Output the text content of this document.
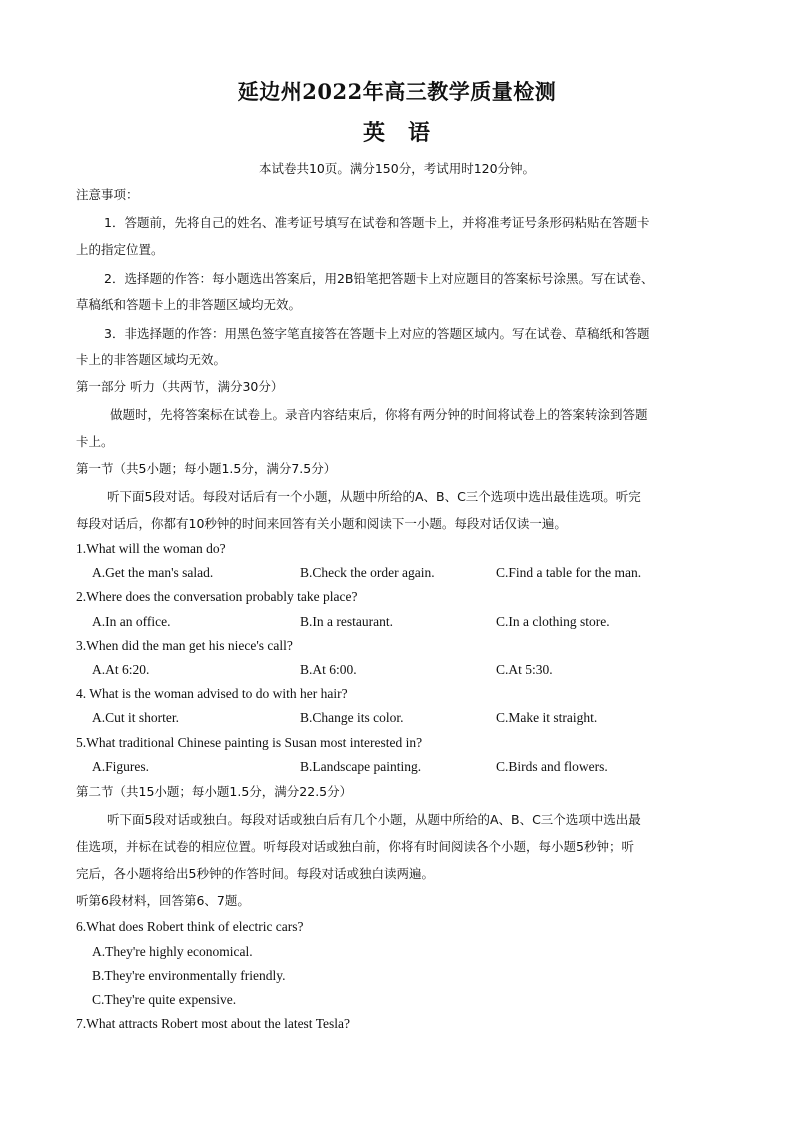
延边州2022年高三教学质量检测
英 语
本试卷共10页。满分150分，考试用时120分钟。
注意事项：
1．答题前，先将自己的姓名、准考证号填写在试卷和答题卡上，并将准考证号条形码粘贴在答题卡
上的指定位置。
2．选择题的作答：每小题选出答案后，用2B铅笔把答题卡上对应题目的答案标号涂黑。写在试卷、
草稿纸和答题卡上的非答题区域均无效。
3．非选择题的作答：用黑色签字笔直接答在答题卡上对应的答题区域内。写在试卷、草稿纸和答题
卡上的非答题区域均无效。
第一部分 听力（共两节，满分30分）
做题时，先将答案标在试卷上。录音内容结束后，你将有两分钟的时间将试卷上的答案转涂到答题
卡上。
第一节（共5小题；每小题1.5分，满分7.5分）
听下面5段对话。每段对话后有一个小题，从题中所给的A、B、C三个选项中选出最佳选项。听完
每段对话后，你都有10秒钟的时间来回答有关小题和阅读下一小题。每段对话仅读一遍。
1.What will the woman do?
A.Get the man's salad.	B.Check the order again.	C.Find a table for the man.
2.Where does the conversation probably take place?
A.In an office.	B.In a restaurant.	C.In a clothing store.
3.When did the man get his niece's call?
A.At 6:20.	B.At 6:00.	C.At 5:30.
4. What is the woman advised to do with her hair?
A.Cut it shorter.	B.Change its color.	C.Make it straight.
5.What traditional Chinese painting is Susan most interested in?
A.Figures.	B.Landscape painting.	C.Birds and flowers.
第二节（共15小题；每小题1.5分，满分22.5分）
听下面5段对话或独白。每段对话或独白后有几个小题，从题中所给的A、B、C三个选项中选出最
佳选项，并标在试卷的相应位置。听每段对话或独白前，你将有时间阅读各个小题，每小题5秒钟；听
完后，各小题将给出5秒钟的作答时间。每段对话或独白读两遍。
听第6段材料，回答第6、7题。
6.What does Robert think of electric cars?
A.They're highly economical.
B.They're environmentally friendly.
C.They're quite expensive.
7.What attracts Robert most about the latest Tesla?
